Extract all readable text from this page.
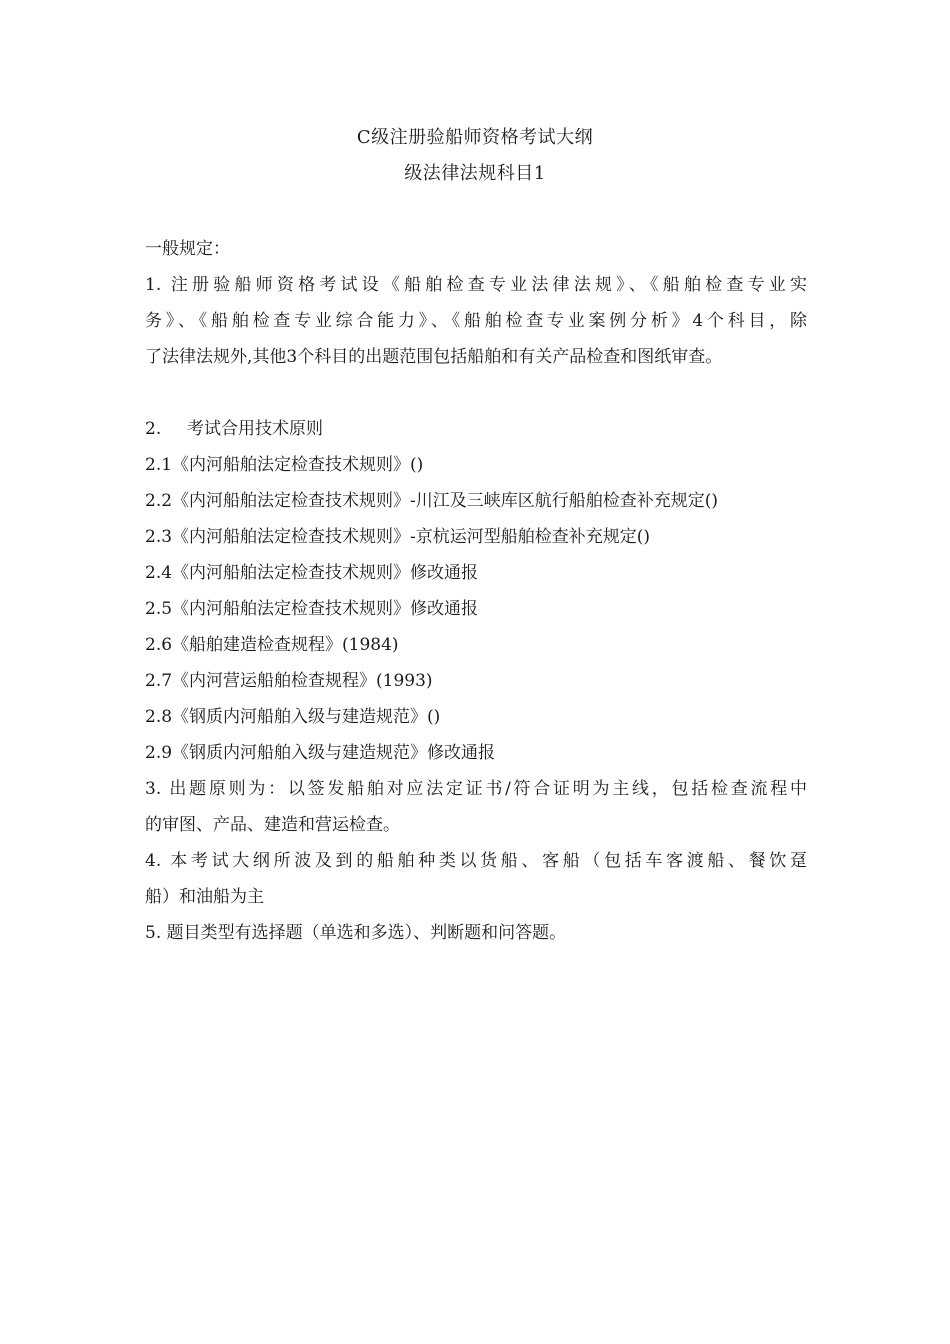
C级注册验船师资格考试大纲
级法律法规科目1
一般规定：
1. 注册验船师资格考试设《船舶检查专业法律法规》、《船舶检查专业实
务》、《船舶检查专业综合能力》、《船舶检查专业案例分析》4个科目，除
了法律法规外,其他3个科目的出题范围包括船舶和有关产品检查和图纸审查。
2.	考试合用技术原则
2.1《内河船舶法定检查技术规则》()
2.2《内河船舶法定检查技术规则》-川江及三峡库区航行船舶检查补充规定()
2.3《内河船舶法定检查技术规则》-京杭运河型船舶检查补充规定()
2.4《内河船舶法定检查技术规则》修改通报
2.5《内河船舶法定检查技术规则》修改通报
2.6《船舶建造检查规程》(1984)
2.7《内河营运船舶检查规程》(1993)
2.8《钢质内河船舶入级与建造规范》()
2.9《钢质内河船舶入级与建造规范》修改通报
3. 出题原则为：以签发船舶对应法定证书/符合证明为主线，包括检查流程中
的审图、产品、建造和营运检查。
4. 本考试大纲所波及到的船舶种类以货船、客船（包括车客渡船、餐饮趸
船）和油船为主
5. 题目类型有选择题（单选和多选）、判断题和问答题。
